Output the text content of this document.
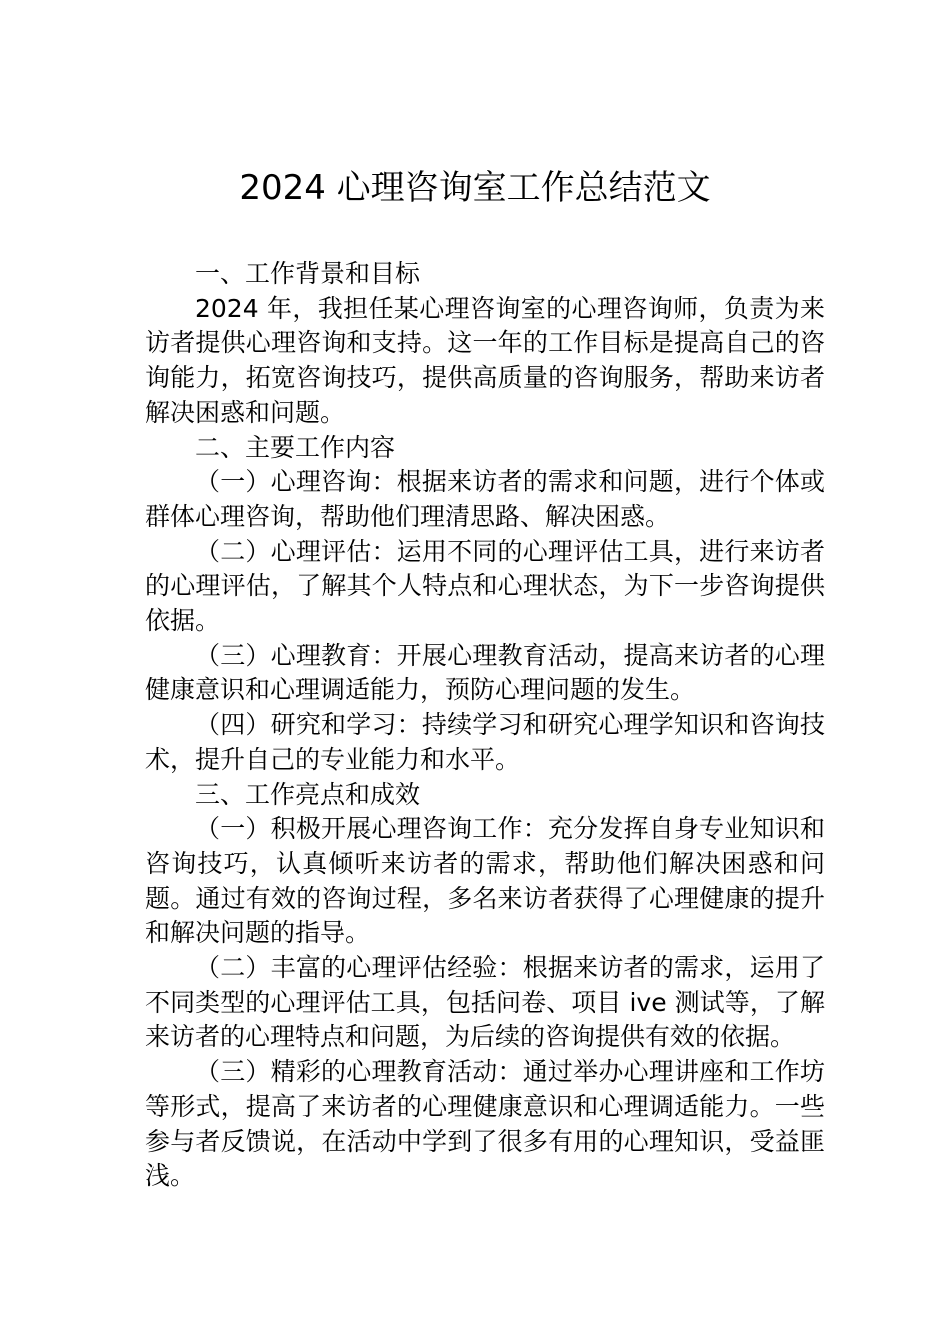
2024 心理咨询室工作总结范文

一、工作背景和目标

2024 年，我担任某心理咨询室的心理咨询师，负责为来访者提供心理咨询和支持。这一年的工作目标是提高自己的咨询能力，拓宽咨询技巧，提供高质量的咨询服务，帮助来访者解决困惑和问题。

二、主要工作内容

（一）心理咨询：根据来访者的需求和问题，进行个体或群体心理咨询，帮助他们理清思路、解决困惑。

（二）心理评估：运用不同的心理评估工具，进行来访者的心理评估，了解其个人特点和心理状态，为下一步咨询提供依据。

（三）心理教育：开展心理教育活动，提高来访者的心理健康意识和心理调适能力，预防心理问题的发生。

（四）研究和学习：持续学习和研究心理学知识和咨询技术，提升自己的专业能力和水平。

三、工作亮点和成效

（一）积极开展心理咨询工作：充分发挥自身专业知识和咨询技巧，认真倾听来访者的需求，帮助他们解决困惑和问题。通过有效的咨询过程，多名来访者获得了心理健康的提升和解决问题的指导。

（二）丰富的心理评估经验：根据来访者的需求，运用了不同类型的心理评估工具，包括问卷、项目 ive 测试等，了解来访者的心理特点和问题，为后续的咨询提供有效的依据。

（三）精彩的心理教育活动：通过举办心理讲座和工作坊等形式，提高了来访者的心理健康意识和心理调适能力。一些参与者反馈说，在活动中学到了很多有用的心理知识，受益匪浅。
